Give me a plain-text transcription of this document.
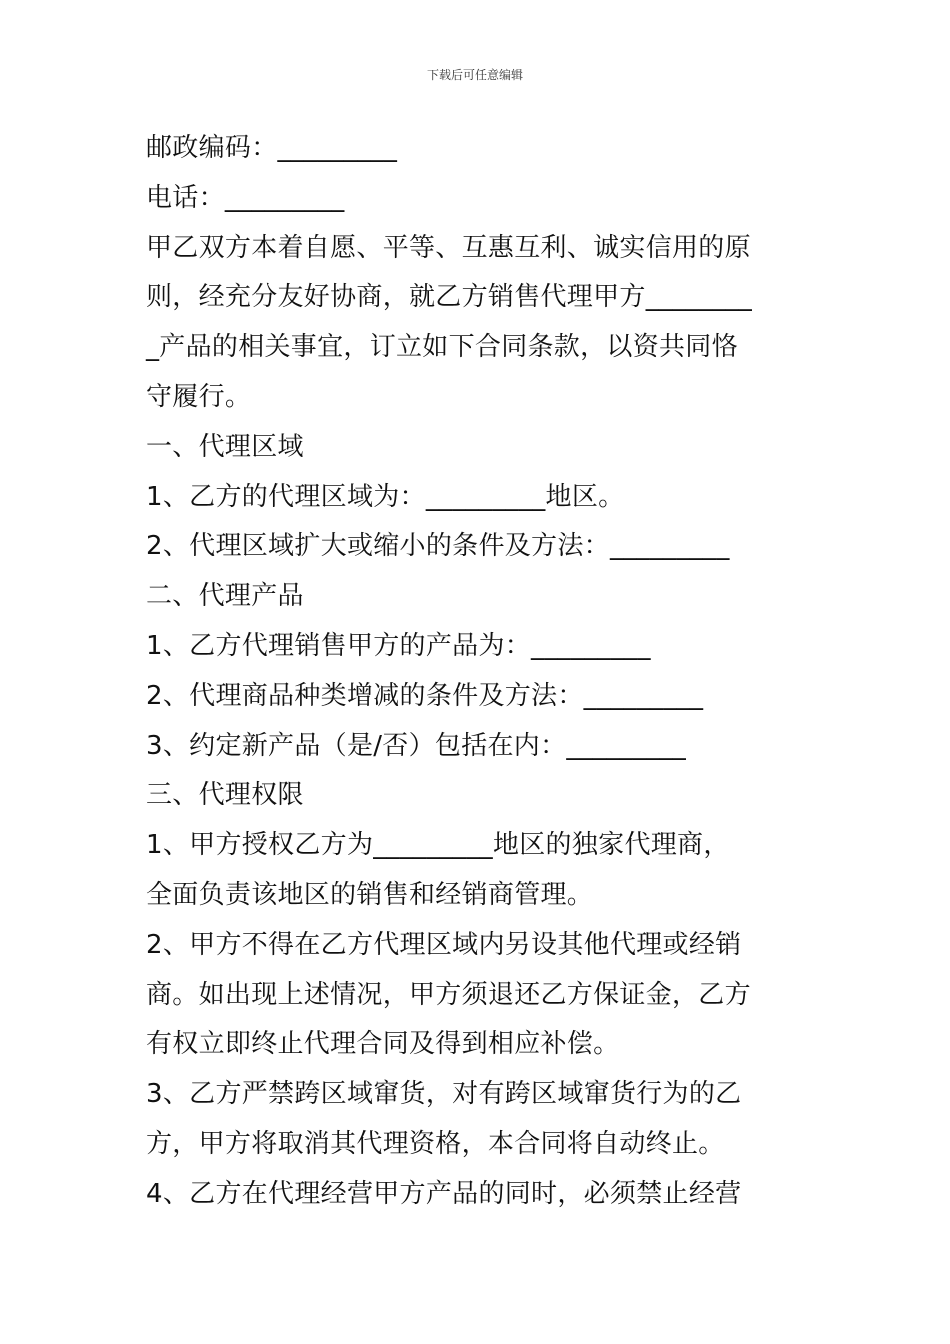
下载后可任意编辑
邮政编码：_________
电话：_________
甲乙双方本着自愿、平等、互惠互利、诚实信用的原
则，经充分友好协商，就乙方销售代理甲方________
_产品的相关事宜，订立如下合同条款，以资共同恪
守履行。
一、代理区域
1、乙方的代理区域为：_________地区。
2、代理区域扩大或缩小的条件及方法：_________
二、代理产品
1、乙方代理销售甲方的产品为：_________
2、代理商品种类增减的条件及方法：_________
3、约定新产品（是/否）包括在内：_________
三、代理权限
1、甲方授权乙方为_________地区的独家代理商，
全面负责该地区的销售和经销商管理。
2、甲方不得在乙方代理区域内另设其他代理或经销
商。如出现上述情况，甲方须退还乙方保证金，乙方
有权立即终止代理合同及得到相应补偿。
3、乙方严禁跨区域窜货，对有跨区域窜货行为的乙
方，甲方将取消其代理资格，本合同将自动终止。
4、乙方在代理经营甲方产品的同时，必须禁止经营
